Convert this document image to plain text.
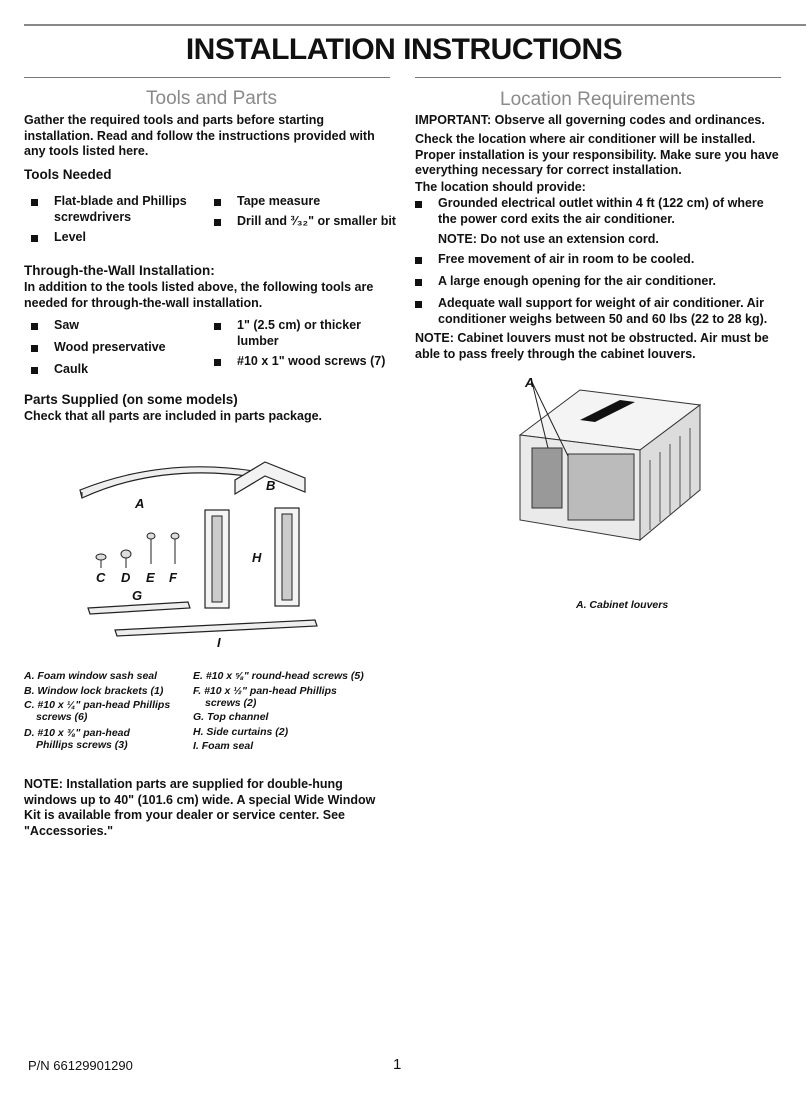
INSTALLATION INSTRUCTIONS
Tools and Parts
Gather the required tools and parts before starting installation. Read and follow the instructions provided with any tools listed here.
Tools Needed
Flat-blade and Phillips screwdrivers
Level
Tape measure
Drill and ³⁄₃₂" or smaller bit
Through-the-Wall Installation:
In addition to the tools listed above, the following tools are needed for through-the-wall installation.
Saw
Wood preservative
Caulk
1" (2.5 cm) or thicker lumber
#10 x 1" wood screws (7)
Parts Supplied (on some models)
Check that all parts are included in parts package.
A
B
C D E F
G
H
I
A. Foam window sash seal
B. Window lock brackets (1)
C. #10 x ¼" pan-head Phillips
screws (6)
D. #10 x ⅜" pan-head
Phillips screws (3)
E. #10 x ⅝" round-head screws (5)
F. #10 x ½" pan-head Phillips
screws (2)
G. Top channel
H. Side curtains (2)
I. Foam seal
NOTE: Installation parts are supplied for double-hung windows up to 40" (101.6 cm) wide. A special Wide Window Kit is available from your dealer or service center. See "Accessories."
Location Requirements
IMPORTANT: Observe all governing codes and ordinances.
Check the location where air conditioner will be installed. Proper installation is your responsibility. Make sure you have everything necessary for correct installation.
The location should provide:
Grounded electrical outlet within 4 ft (122 cm) of where the power cord exits the air conditioner.
NOTE: Do not use an extension cord.
Free movement of air in room to be cooled.
A large enough opening for the air conditioner.
Adequate wall support for weight of air conditioner. Air conditioner weighs between 50 and 60 lbs (22 to 28 kg).
NOTE: Cabinet louvers must not be obstructed. Air must be able to pass freely through the cabinet louvers.
A
A. Cabinet louvers
P/N 66129901290	1
